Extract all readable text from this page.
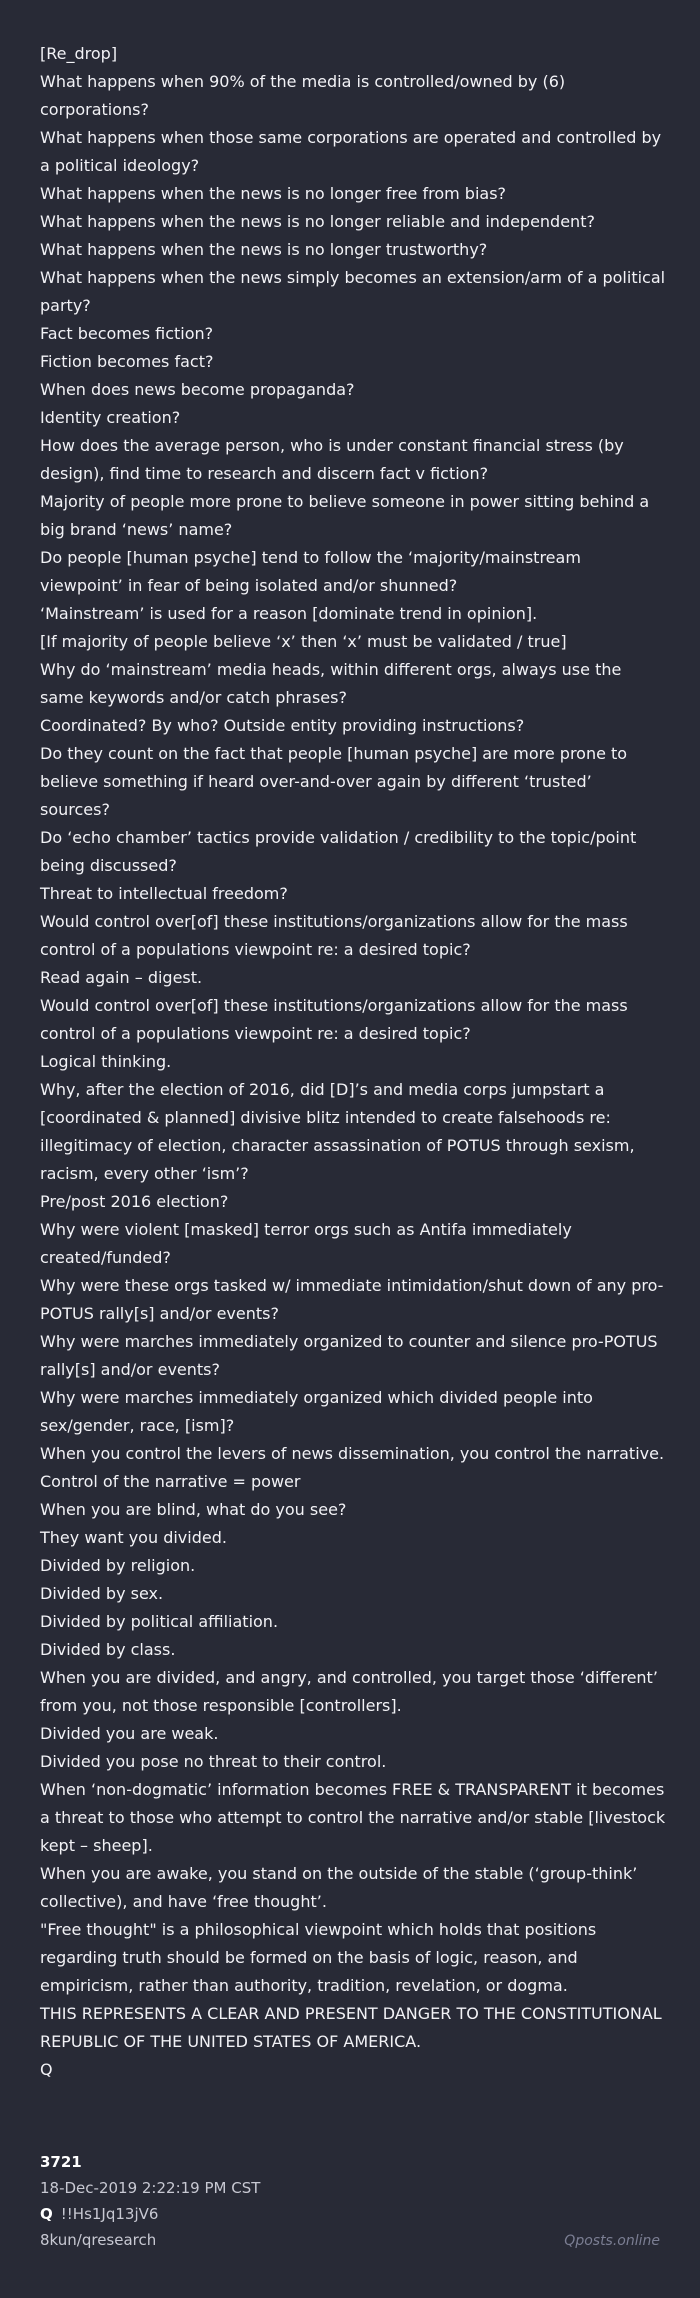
[Re_drop]
What happens when 90% of the media is controlled/owned by (6) corporations?
What happens when those same corporations are operated and controlled by a political ideology?
What happens when the news is no longer free from bias?
What happens when the news is no longer reliable and independent?
What happens when the news is no longer trustworthy?
What happens when the news simply becomes an extension/arm of a political party?
Fact becomes fiction?
Fiction becomes fact?
When does news become propaganda?
Identity creation?
How does the average person, who is under constant financial stress (by design), find time to research and discern fact v fiction?
Majority of people more prone to believe someone in power sitting behind a big brand ‘news’ name?
Do people [human psyche] tend to follow the ‘majority/mainstream viewpoint’ in fear of being isolated and/or shunned?
‘Mainstream’ is used for a reason [dominate trend in opinion].
[If majority of people believe ‘x’ then ‘x’ must be validated / true]
Why do ‘mainstream’ media heads, within different orgs, always use the same keywords and/or catch phrases?
Coordinated? By who? Outside entity providing instructions?
Do they count on the fact that people [human psyche] are more prone to believe something if heard over-and-over again by different ‘trusted’ sources?
Do ‘echo chamber’ tactics provide validation / credibility to the topic/point being discussed?
Threat to intellectual freedom?
Would control over[of] these institutions/organizations allow for the mass control of a populations viewpoint re: a desired topic?
Read again – digest.
Would control over[of] these institutions/organizations allow for the mass control of a populations viewpoint re: a desired topic?
Logical thinking.
Why, after the election of 2016, did [D]’s and media corps jumpstart a [coordinated & planned] divisive blitz intended to create falsehoods re: illegitimacy of election, character assassination of POTUS through sexism, racism, every other ‘ism’?
Pre/post 2016 election?
Why were violent [masked] terror orgs such as Antifa immediately created/funded?
Why were these orgs tasked w/ immediate intimidation/shut down of any pro-POTUS rally[s] and/or events?
Why were marches immediately organized to counter and silence pro-POTUS rally[s] and/or events?
Why were marches immediately organized which divided people into sex/gender, race, [ism]?
When you control the levers of news dissemination, you control the narrative.
Control of the narrative = power
When you are blind, what do you see?
They want you divided.
Divided by religion.
Divided by sex.
Divided by political affiliation.
Divided by class.
When you are divided, and angry, and controlled, you target those ‘different’ from you, not those responsible [controllers].
Divided you are weak.
Divided you pose no threat to their control.
When ‘non-dogmatic’ information becomes FREE & TRANSPARENT it becomes a threat to those who attempt to control the narrative and/or stable [livestock kept – sheep].
When you are awake, you stand on the outside of the stable (‘group-think’ collective), and have ‘free thought’.
"Free thought" is a philosophical viewpoint which holds that positions regarding truth should be formed on the basis of logic, reason, and empiricism, rather than authority, tradition, revelation, or dogma.
THIS REPRESENTS A CLEAR AND PRESENT DANGER TO THE CONSTITUTIONAL REPUBLIC OF THE UNITED STATES OF AMERICA.
Q
3721
18-Dec-2019 2:22:19 PM CST
Q !!Hs1Jq13jV6
8kun/qresearch	Qposts.online
